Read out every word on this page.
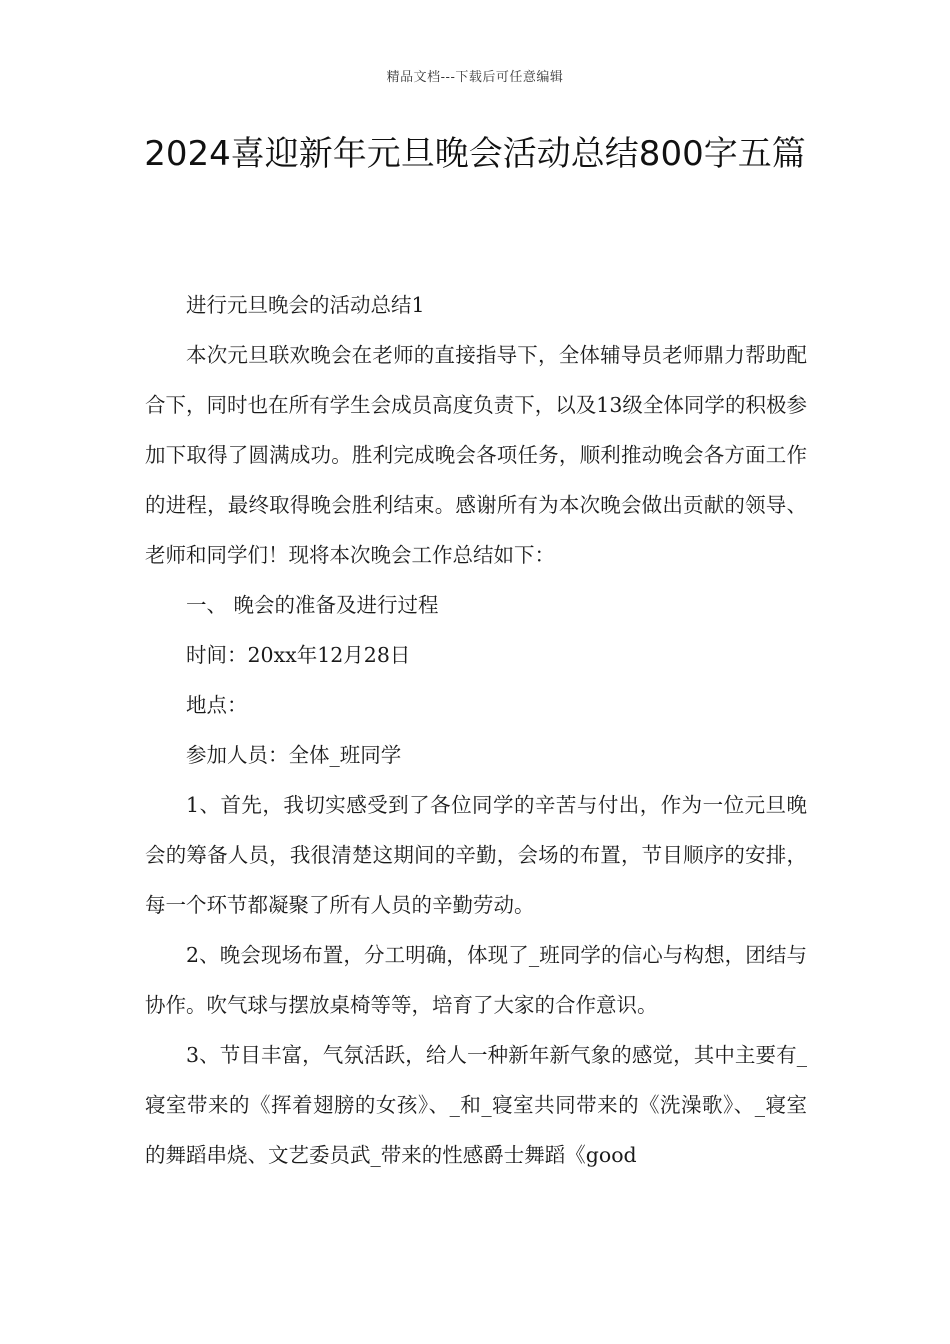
精品文档---下载后可任意编辑
2024喜迎新年元旦晚会活动总结800字五篇

进行元旦晚会的活动总结1

本次元旦联欢晚会在老师的直接指导下，全体辅导员老师鼎力帮助配合下，同时也在所有学生会成员高度负责下，以及13级全体同学的积极参加下取得了圆满成功。胜利完成晚会各项任务，顺利推动晚会各方面工作的进程，最终取得晚会胜利结束。感谢所有为本次晚会做出贡献的领导、老师和同学们！现将本次晚会工作总结如下：

一、 晚会的准备及进行过程

时间：20xx年12月28日

地点：

参加人员：全体_班同学

1、首先，我切实感受到了各位同学的辛苦与付出，作为一位元旦晚会的筹备人员，我很清楚这期间的辛勤，会场的布置，节目顺序的安排，每一个环节都凝聚了所有人员的辛勤劳动。

2、晚会现场布置，分工明确，体现了_班同学的信心与构想，团结与协作。吹气球与摆放桌椅等等，培育了大家的合作意识。

3、节目丰富，气氛活跃，给人一种新年新气象的感觉，其中主要有_寝室带来的《挥着翅膀的女孩》、_和_寝室共同带来的《洗澡歌》、_寝室的舞蹈串烧、文艺委员武_带来的性感爵士舞蹈《good
